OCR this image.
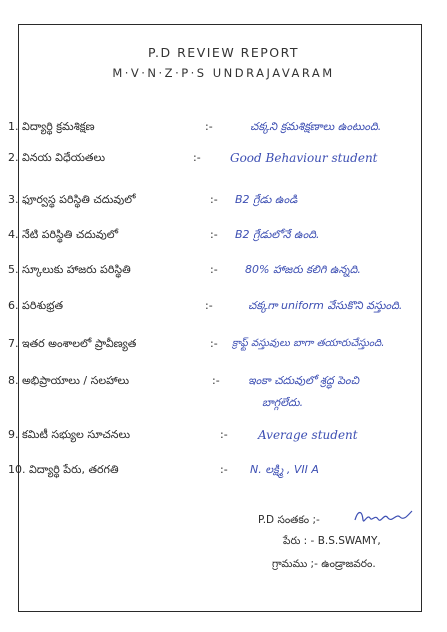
P.D REVIEW REPORT
M·V·N·Z·P·S UNDRAJAVARAM
1. విద్యార్థి క్రమశిక్షణ	:-	చక్కని క్రమశిక్షణాలు ఉంటుంది.
2. వినయ విధేయతలు	:- Good Behaviour student
3. ఫూర్వస్థ పరిస్థితి చదువులో	:- B2 గ్రేడు ఉండి
4. నేటి పరిస్థితి చదువులో	:- B2 గ్రేడులోనే ఉంది.
5. స్కూలుకు హాజరు పరిస్థితి	:- 80% హాజరు కలిగి ఉన్నది.
6. పరిశుభ్రత	:-	చక్కగా uniform వేసుకొని వస్తుంది.
7. ఇతర అంశాలలో ప్రావీణ్యత	:- క్రాఫ్ట్ వస్తువులు బాగా తయారుచేస్తుంది.
8. అభిప్రాయాలు / సలహాలు	:-	ఇంకా చదువులో శ్రద్ధ పెంచి
బాగ్గలేదు.
9. కమిటీ సభ్యుల సూచనలు	:-	Average student
10. విద్యార్థి పేరు, తరగతి	:- N. లక్ష్మి , VII A
P.D సంతకం ;-
పేరు : - B.S.SWAMY,
గ్రామము ;- ఉండ్రాజవరం.
